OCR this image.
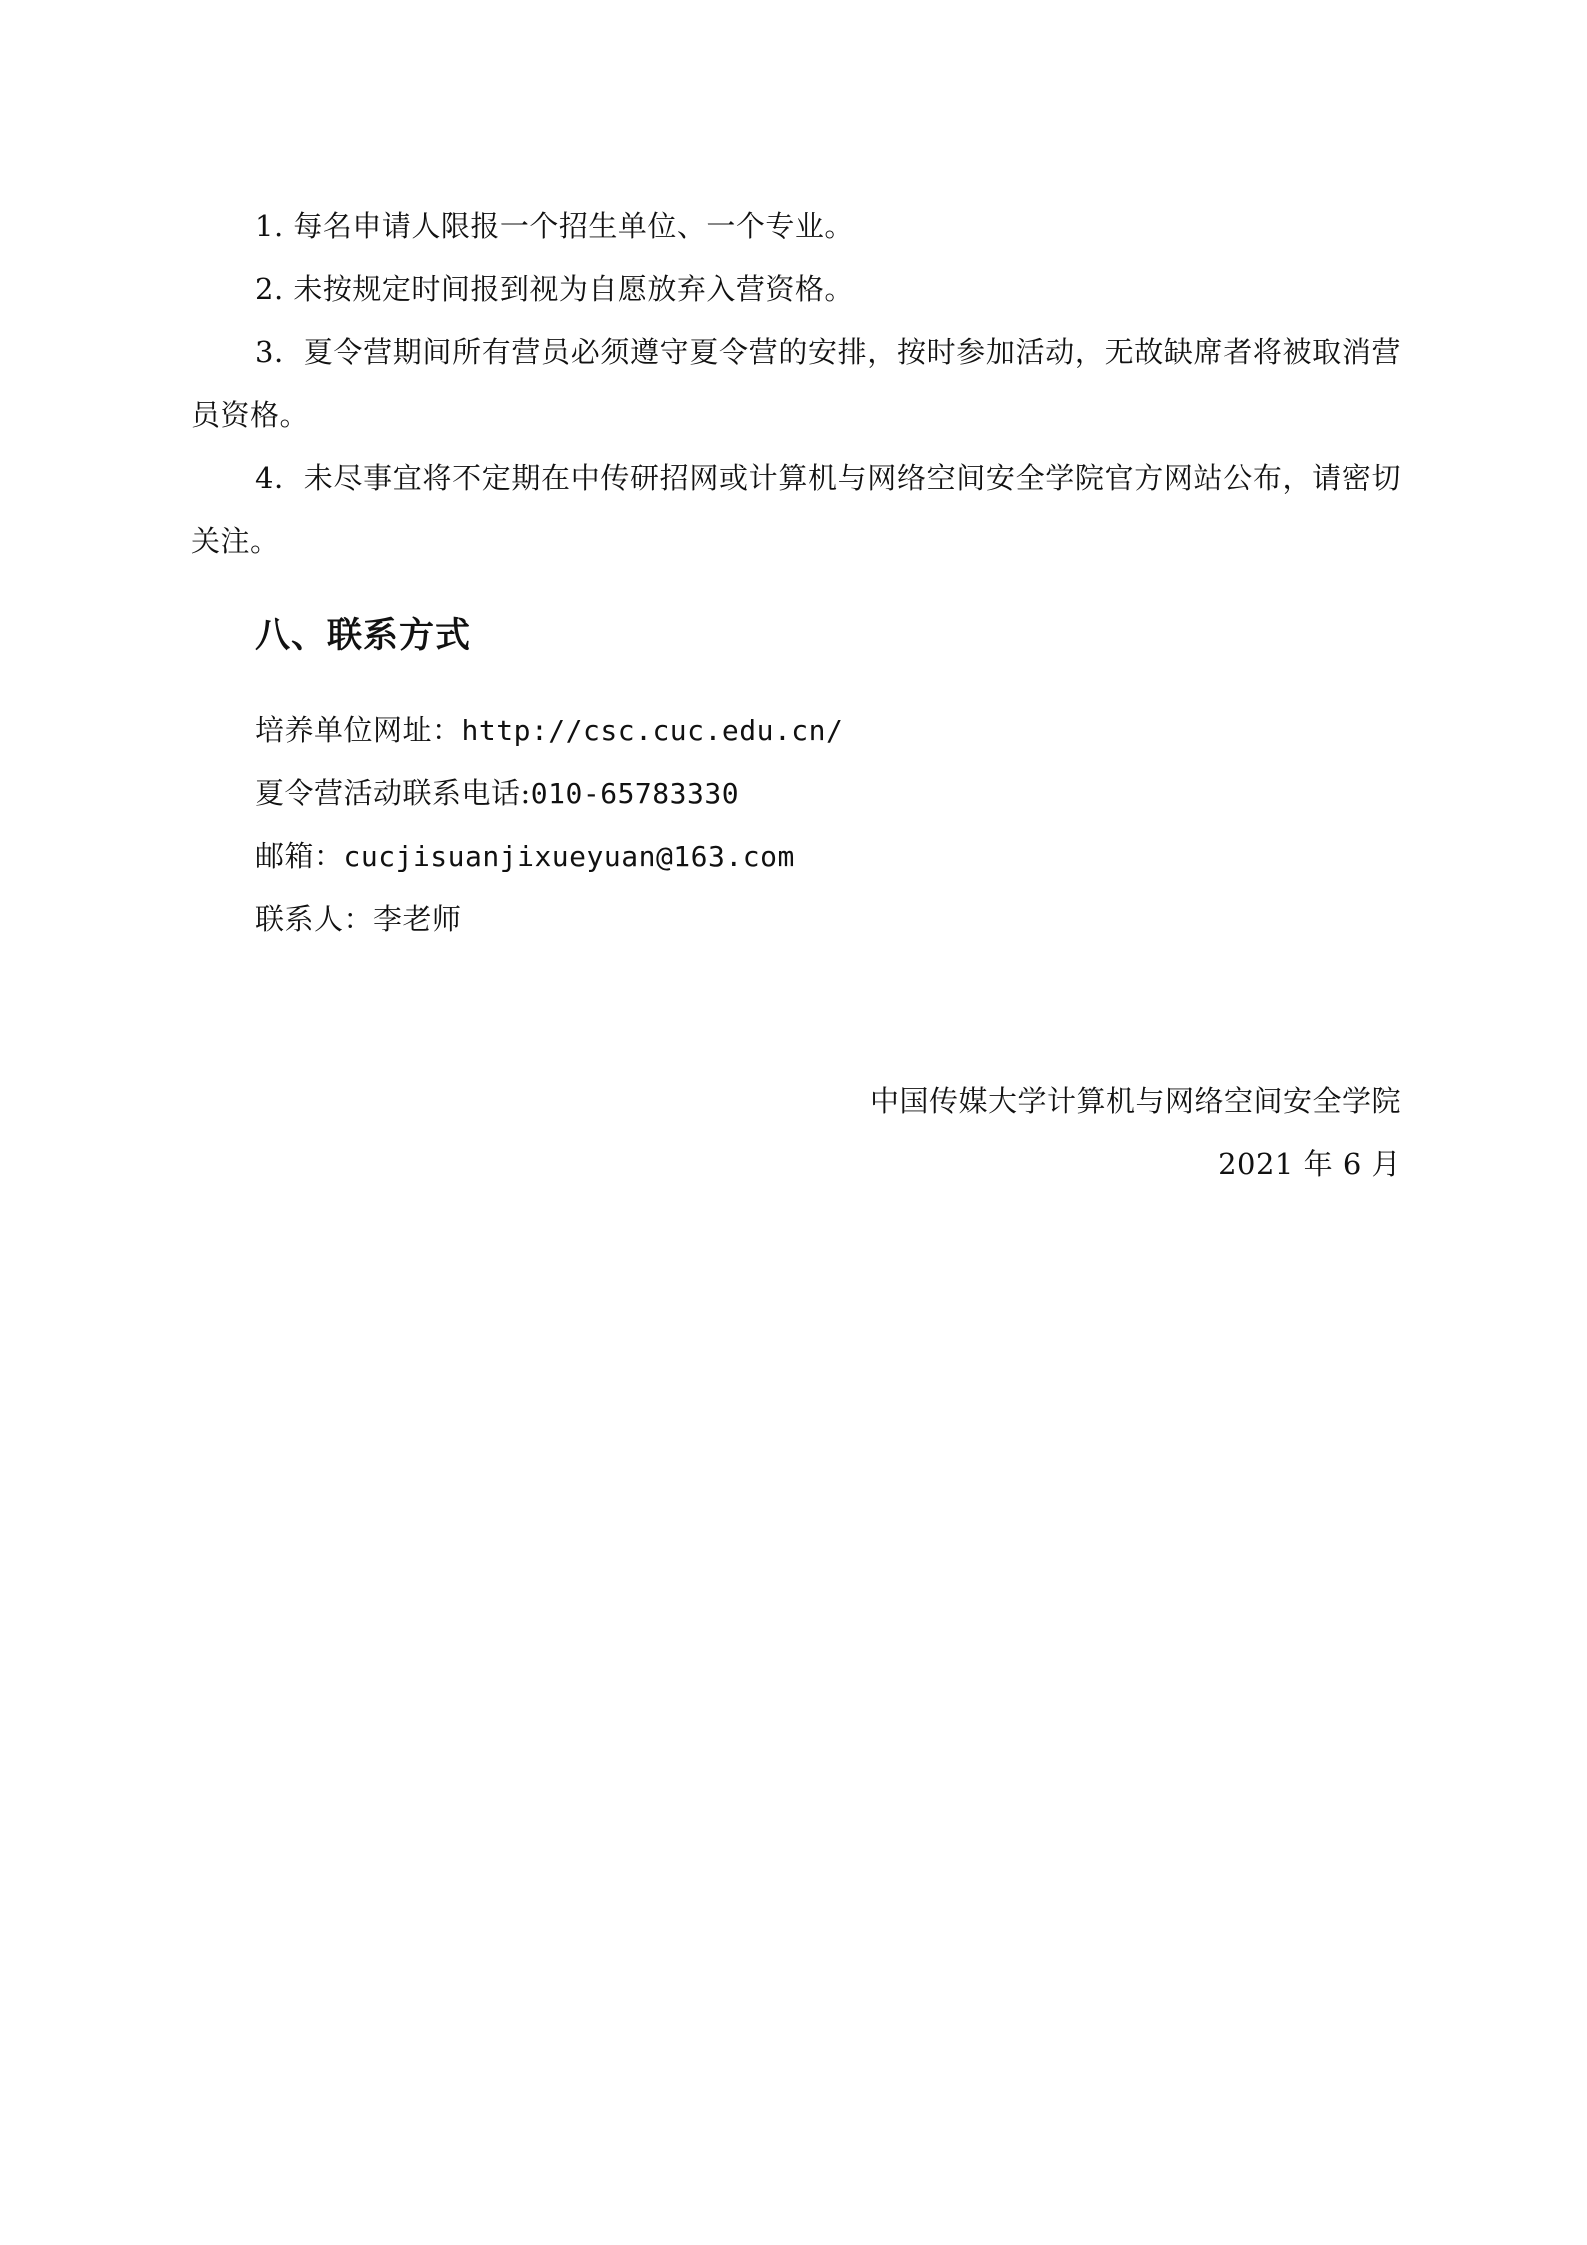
1. 每名申请人限报一个招生单位、一个专业。

2. 未按规定时间报到视为自愿放弃入营资格。

3．夏令营期间所有营员必须遵守夏令营的安排，按时参加活动，无故缺席者将被取消营员资格。

4．未尽事宜将不定期在中传研招网或计算机与网络空间安全学院官方网站公布，请密切关注。

八、联系方式
培养单位网址：http://csc.cuc.edu.cn/
夏令营活动联系电话:010-65783330
邮箱：cucjisuanjixueyuan@163.com
联系人：李老师
中国传媒大学计算机与网络空间安全学院
2021 年 6 月
